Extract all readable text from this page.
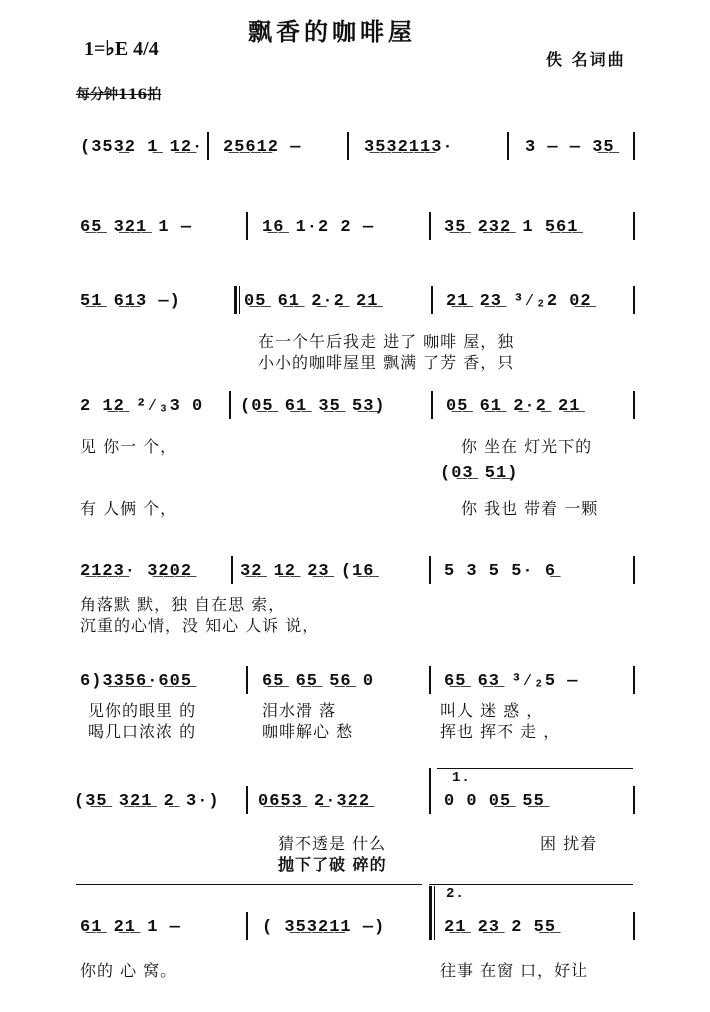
飘香的咖啡屋
1=♭E 4/4	佚 名词曲
每分钟116拍
(353̲2 1̲ 1̲2̲· 2̲5̲6̲1̲2 —	3̲5̲3̲2̲1̲1̲3·	3 — — 3̲5̲
6̲5̲ 3̲2̲1̲ 1 —	1̲6̲ 1·2 2 —	3̲5̲ 2̲3̲2̲ 1 5̲6̲1̲
5̲1̲ 6̲1̲3 —)	0̲5̲ 6̲1̲ 2̲·2̲ 2̲1̲	2̲1̲ 2̲3̲ ³⁄₂2 0̲2̲
在一个午后我走 进了 咖啡 屋，独
小小的咖啡屋里 飘满 了芳 香，只
2 1̲2̲ ²⁄₃3 0 (0̲5̲ 6̲1̲ 3̲5̲ 5̲3̲)	0̲5̲ 6̲1̲ 2̲·2̲ 2̲1̲
见 你一 个，	你 坐在 灯光下的
(0̲3̲ 5̲1̲)
有 人俩 个，	你 我也 带着 一颗
2̲1̲2̲3̲· 3̲2̲0̲2̲	3̲2̲ 1̲2̲ 2̲3̲ (1̲6̲	5 3 5 5· 6̲
角落默 默，独 自在思 索，
沉重的心情，没 知心 人诉 说，
6)3̲3̲5̲6̲·6̲0̲5̲	6̲5̲ 6̲5̲ 5̲6̲ 0	6̲5̲ 6̲3̲ ³⁄₂5 —
见你的眼里 的	泪水滑 落	叫人 迷 惑 ，
喝几口浓浓 的	咖啡解心 愁	挥也 挥不 走 ，
1.
(3̲5̲ 3̲2̲1̲ 2̲ 3·) 0̲6̲5̲3̲ 2̲·3̲2̲2̲	0 0 0̲5̲ 5̲5̲
猜不透是 什么	困 扰着
抛下了破 碎的
2.
6̲1̲ 2̲1̲ 1 —	( 3̲5̲3̲2̲1̲1 —)	2̲1̲ 2̲3̲ 2 5̲5̲
你的 心 窝。	往事 在窗 口，好让
